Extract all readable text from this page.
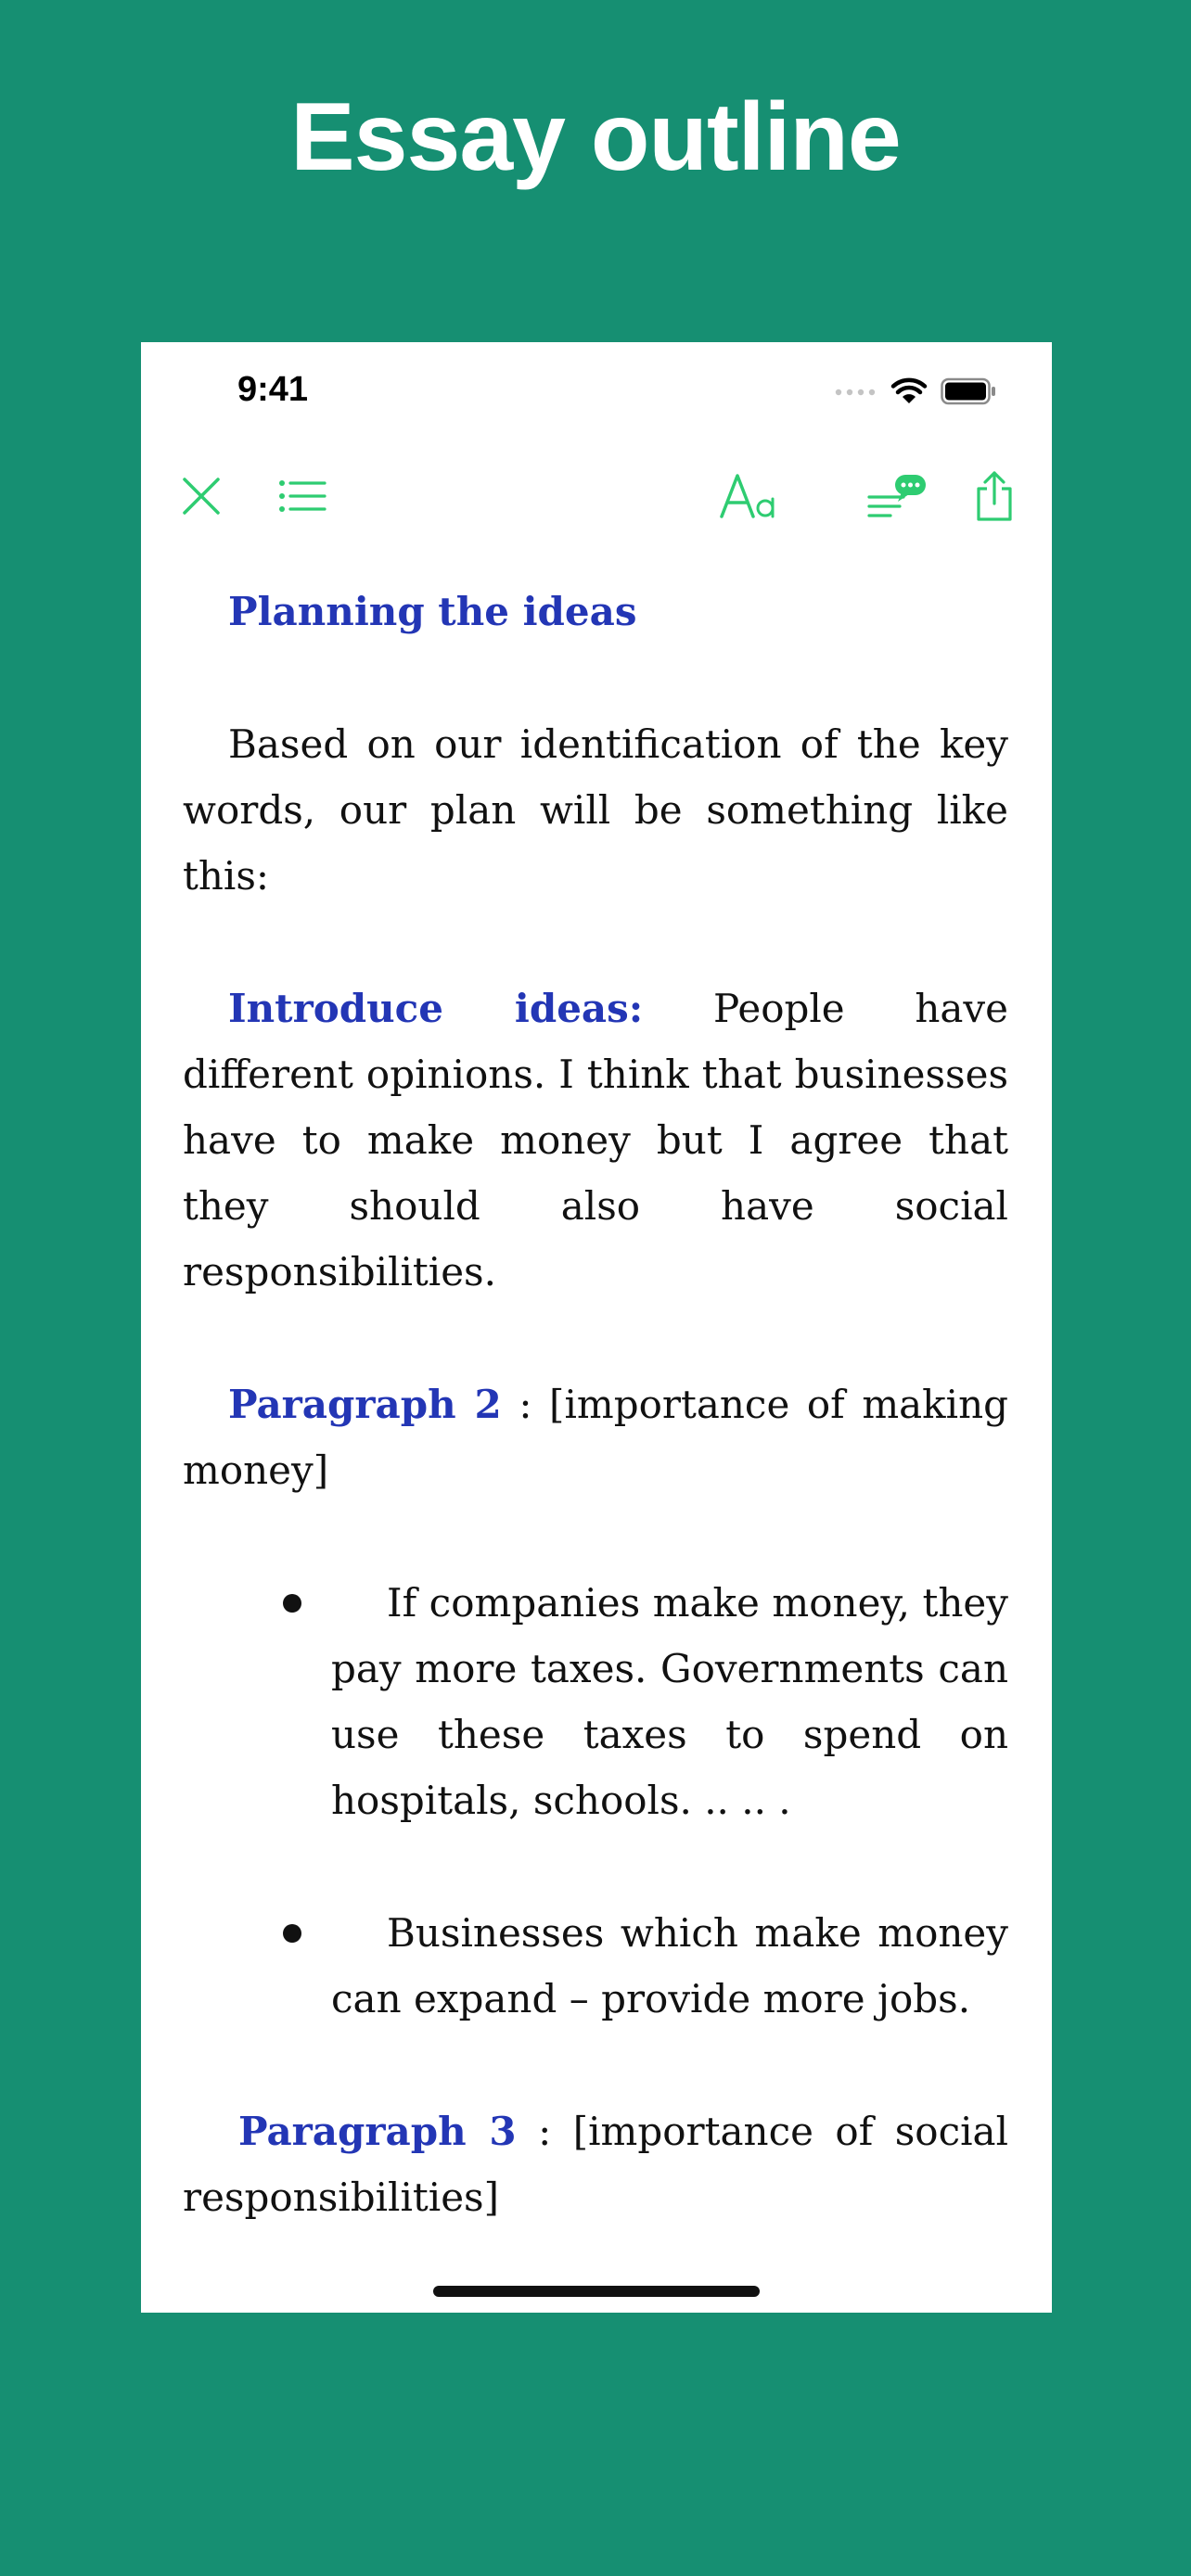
Essay outline
9:41

Planning the ideas

Based on our identification of the key words, our plan will be something like this:

Introduce ideas: People have different opinions. I think that businesses have to make money but I agree that they should also have social responsibilities.

Paragraph 2 : [importance of making money]

If companies make money, they pay more taxes. Governments can use these taxes to spend on hospitals, schools. .. .. .
Businesses which make money can expand – provide more jobs.

Paragraph 3 : [importance of social responsibilities]
